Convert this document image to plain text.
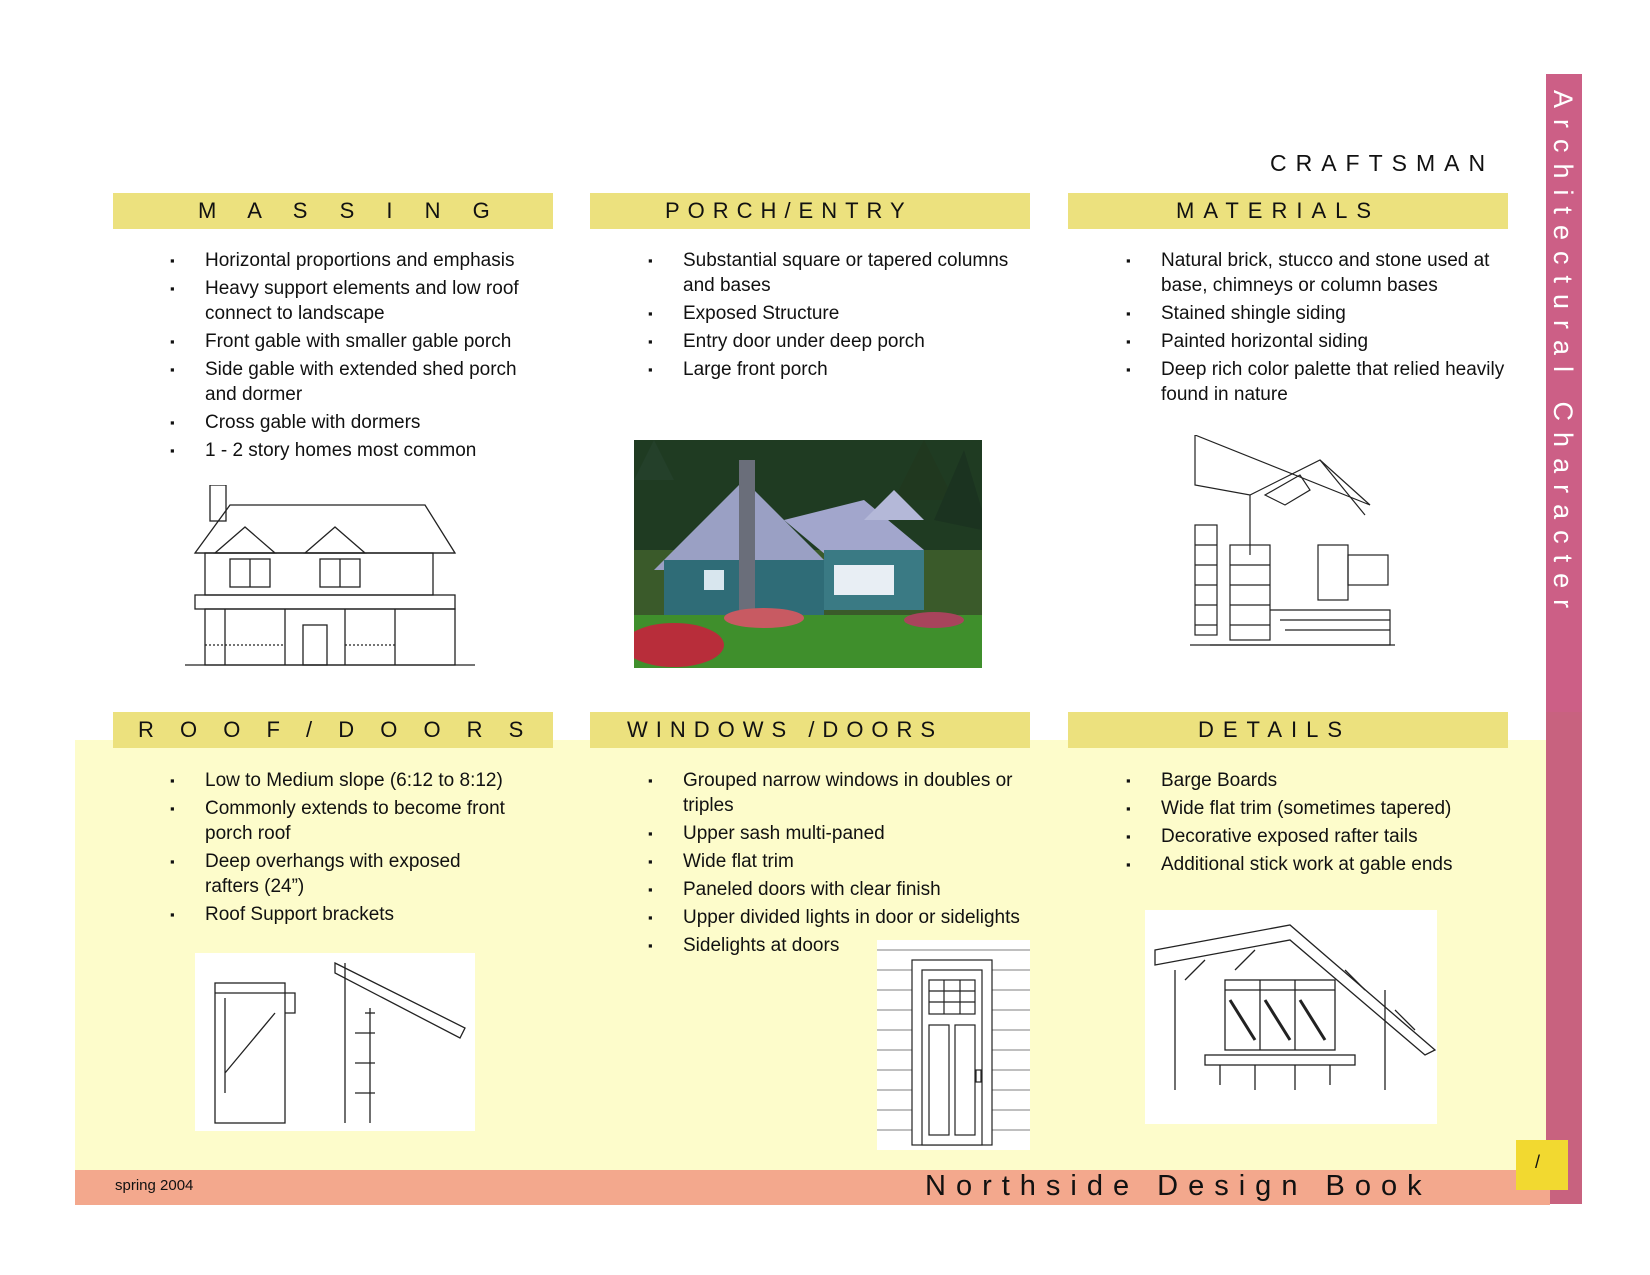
Architectural Character
CRAFTSMAN
M A S S I N G	PORCH/ENTRY	MATERIALS
R O O F / D O O R S	WINDOWS /DOORS	DETAILS
▪ Horizontal proportions and emphasis
▪ Heavy support elements and low roof connect to landscape
▪ Front gable with smaller gable porch
▪ Side gable with extended shed porch and dormer
▪ Cross gable with dormers
▪ 1 - 2 story homes most common
▪ Substantial square or tapered columns and bases
▪ Exposed Structure
▪ Entry door under deep porch
▪ Large front porch
▪ Natural brick, stucco and stone used at base, chimneys or column bases
▪ Stained shingle siding
▪ Painted horizontal siding
▪ Deep rich color palette that relied heavily found in nature
▪ Low to Medium slope (6:12 to 8:12)
▪ Commonly extends to become front porch roof
▪ Deep overhangs with exposed rafters (24”)
▪ Roof Support brackets
▪ Grouped narrow windows in doubles or triples
▪ Upper sash multi-paned
▪ Wide flat trim
▪ Paneled doors with clear finish
▪ Upper divided lights in door or sidelights
▪ Sidelights at doors
▪ Barge Boards
▪ Wide flat trim (sometimes tapered)
▪ Decorative exposed rafter tails
▪ Additional stick work at gable ends
spring 2004	Northside Design Book
/
